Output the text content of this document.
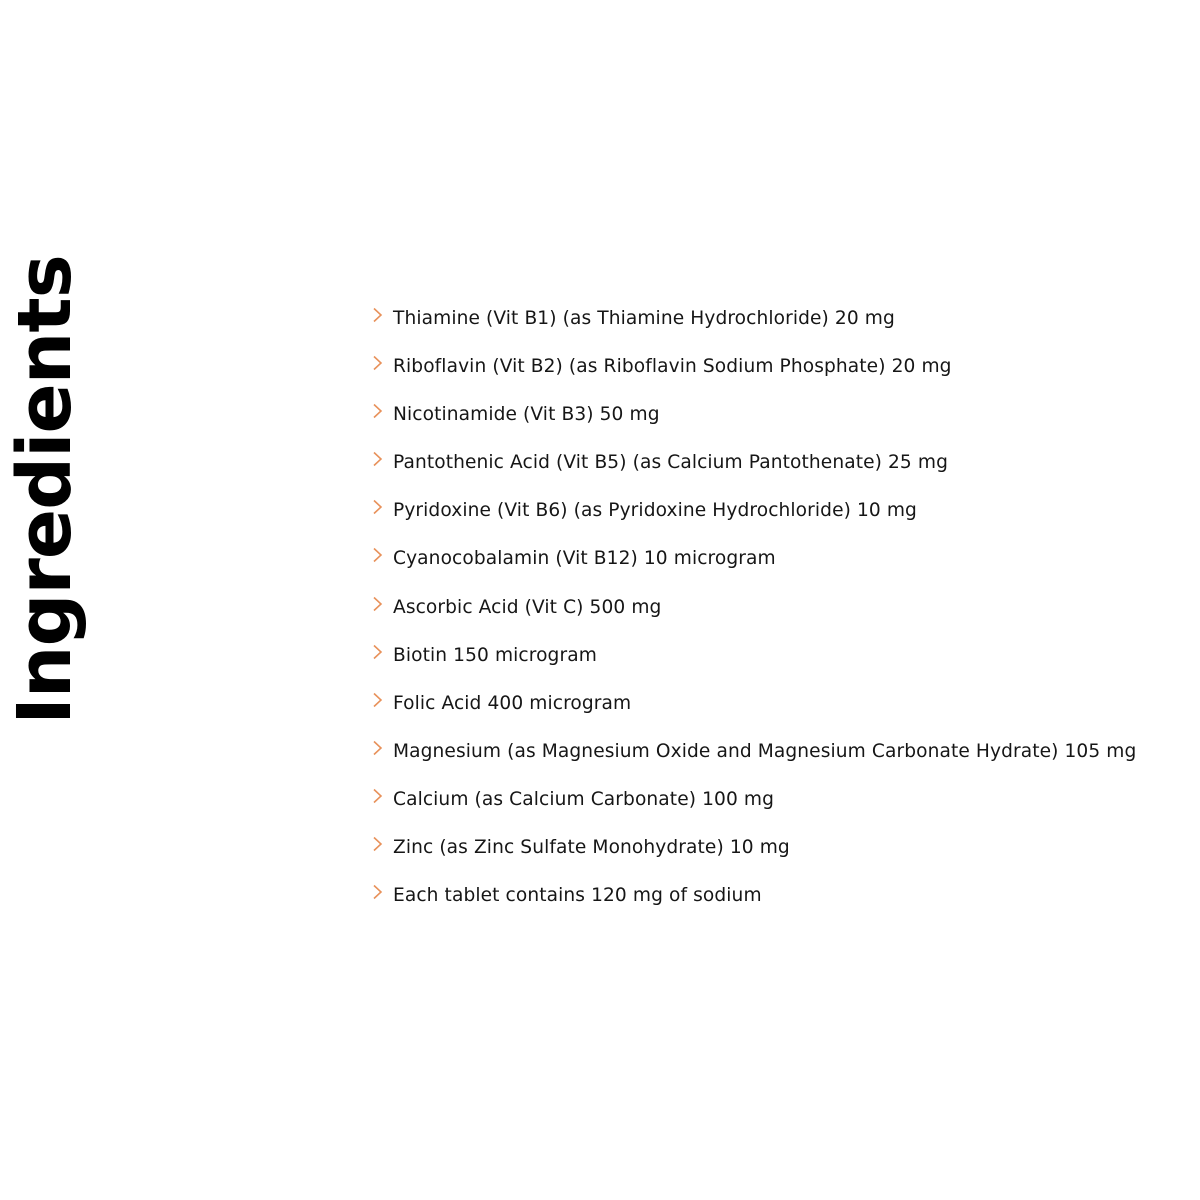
Ingredients	Thiamine (Vit B1) (as Thiamine Hydrochloride) 20 mg
Riboflavin (Vit B2) (as Riboflavin Sodium Phosphate) 20 mg
Nicotinamide (Vit B3) 50 mg
Pantothenic Acid (Vit B5) (as Calcium Pantothenate) 25 mg
Pyridoxine (Vit B6) (as Pyridoxine Hydrochloride) 10 mg
Cyanocobalamin (Vit B12) 10 microgram
Ascorbic Acid (Vit C) 500 mg
Biotin 150 microgram
Folic Acid 400 microgram
Magnesium (as Magnesium Oxide and Magnesium Carbonate Hydrate) 105 mg
Calcium (as Calcium Carbonate) 100 mg
Zinc (as Zinc Sulfate Monohydrate) 10 mg
Each tablet contains 120 mg of sodium
